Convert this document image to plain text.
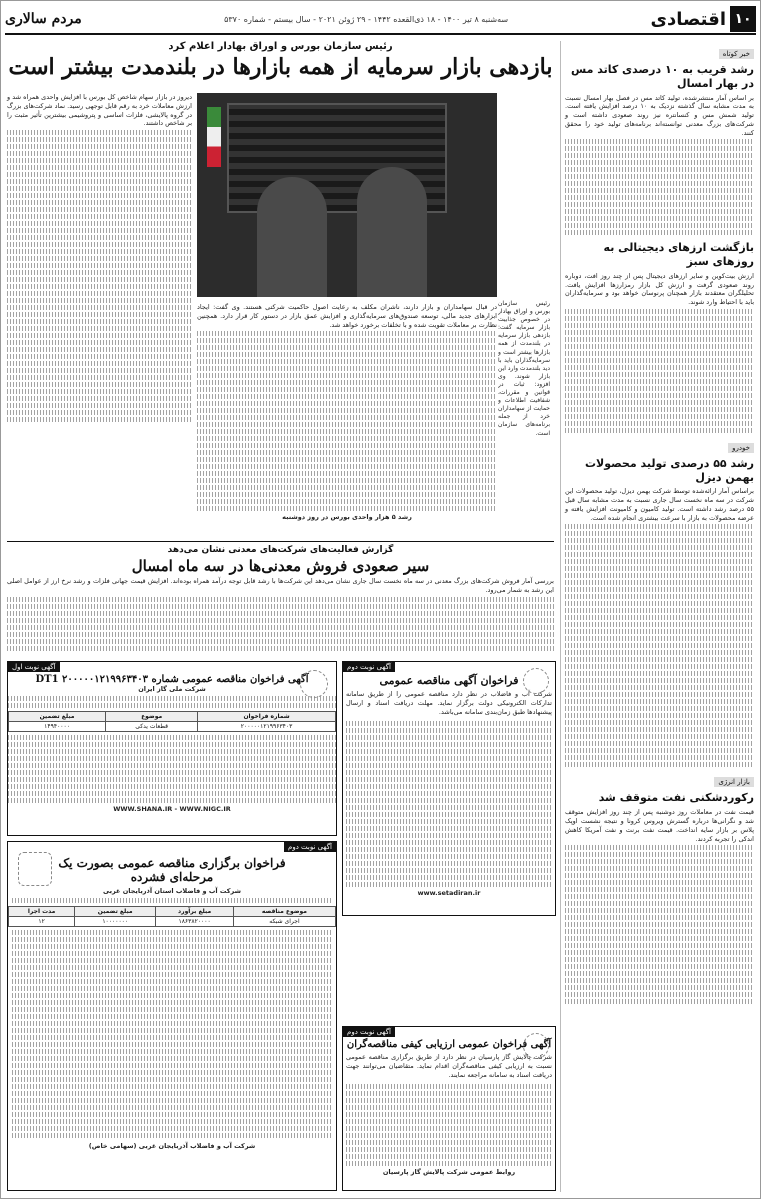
۱۰
اقتصادی
سه‌شنبه ۸ تیر ۱۴۰۰ - ۱۸ ذی‌القعده ۱۴۴۲ - ۲۹ ژوئن ۲۰۲۱ - سال بیستم - شماره ۵۳۷۰
مردم سالاری
خبر کوتاه
رشد قریب به ۱۰ درصدی کاتد مس در بهار امسال
بر اساس آمار منتشرشده، تولید کاتد مس در فصل بهار امسال نسبت به مدت مشابه سال گذشته نزدیک به ۱۰ درصد افزایش یافته است. تولید شمش مس و کنسانتره نیز روند صعودی داشته است و شرکت‌های بزرگ معدنی توانسته‌اند برنامه‌های تولید خود را محقق کنند.
بازگشت ارزهای دیجیتالی به روزهای سبز
ارزش بیت‌کوین و سایر ارزهای دیجیتال پس از چند روز افت، دوباره روند صعودی گرفت و ارزش کل بازار رمزارزها افزایش یافت. تحلیلگران معتقدند بازار همچنان پرنوسان خواهد بود و سرمایه‌گذاران باید با احتیاط وارد شوند.
خودرو
رشد ۵۵ درصدی تولید محصولات بهمن دیزل
براساس آمار ارائه‌شده توسط شرکت بهمن دیزل، تولید محصولات این شرکت در سه ماه نخست سال جاری نسبت به مدت مشابه سال قبل ۵۵ درصد رشد داشته است. تولید کامیون و کامیونت افزایش یافته و عرضه محصولات به بازار با سرعت بیشتری انجام شده است.
بازار انرژی
رکوردشکنی نفت متوقف شد
قیمت نفت در معاملات روز دوشنبه پس از چند روز افزایش متوقف شد و نگرانی‌ها درباره گسترش ویروس کرونا و نتیجه نشست اوپک پلاس بر بازار سایه انداخت. قیمت نفت برنت و نفت آمریکا کاهش اندکی را تجربه کردند.
رئیس سازمان بورس و اوراق بهادار اعلام کرد
بازدهی بازار سرمایه از همه بازارها در بلندمدت بیشتر است
دیروز در بازار سهام شاخص کل بورس با افزایش واحدی همراه شد و ارزش معاملات خرد به رقم قابل توجهی رسید. نماد شرکت‌های بزرگ در گروه پالایشی، فلزات اساسی و پتروشیمی بیشترین تأثیر مثبت را بر شاخص داشتند.
در قبال سهامداران و بازار دارند، ناشران مکلف به رعایت اصول حاکمیت شرکتی هستند. وی گفت: ایجاد ابزارهای جدید مالی، توسعه صندوق‌های سرمایه‌گذاری و افزایش عمق بازار در دستور کار قرار دارد. همچنین نظارت بر معاملات تقویت شده و با تخلفات برخورد خواهد شد.
رشد ۵ هزار واحدی بورس در روز دوشنبه
گزارش فعالیت‌های شرکت‌های معدنی نشان می‌دهد
سیر صعودی فروش معدنی‌ها در سه ماه امسال
بررسی آمار فروش شرکت‌های بزرگ معدنی در سه ماه نخست سال جاری نشان می‌دهد این شرکت‌ها با رشد قابل توجه درآمد همراه بوده‌اند. افزایش قیمت جهانی فلزات و رشد نرخ ارز از عوامل اصلی این رشد به شمار می‌رود.
آگهی نوبت اول
آگهی فراخوان مناقصه عمومی شماره ۲۰۰۰۰۰۱۲۱۹۹۶۳۴۰۳ DT1
شرکت ملی گاز ایران
شماره فراخوان	موضوع	مبلغ تضمین
۲۰۰۰۰۰۱۲۱۹۹۶۳۴۰۳	قطعات یدکی	۱۴۹۴۰۰۰۰
WWW.SHANA.IR - WWW.NIGC.IR
آگهی نوبت دوم
فراخوان آگهی مناقصه عمومی
شرکت آب و فاضلاب در نظر دارد مناقصه عمومی را از طریق سامانه تدارکات الکترونیکی دولت برگزار نماید. مهلت دریافت اسناد و ارسال پیشنهادها طبق زمان‌بندی سامانه می‌باشد.
www.setadiran.ir
آگهی نوبت دوم
فراخوان برگزاری مناقصه عمومی بصورت یک مرحله‌ای فشرده
شرکت آب و فاضلاب استان آذربایجان غربی
موضوع مناقصه	مبلغ برآورد	مبلغ تضمین	مدت اجرا
اجرای شبکه	۱۸۶۳۸۲۰۰۰۰	۱۰۰۰۰۰۰۰	۱۲
شرکت آب و فاضلاب آذربایجان غربی (سهامی خاص)
آگهی نوبت دوم
آگهی فراخوان عمومی ارزیابی کیفی مناقصه‌گران
شرکت پالایش گاز پارسیان در نظر دارد از طریق برگزاری مناقصه عمومی نسبت به ارزیابی کیفی مناقصه‌گران اقدام نماید. متقاضیان می‌توانند جهت دریافت اسناد به سامانه مراجعه نمایند.
روابط عمومی شرکت پالایش گاز پارسیان
رئیس سازمان بورس و اوراق بهادار در خصوص جذابیت بازار سرمایه گفت: بازدهی بازار سرمایه در بلندمدت از همه بازارها بیشتر است و سرمایه‌گذاران باید با دید بلندمدت وارد این بازار شوند. وی افزود: ثبات در قوانین و مقررات، شفافیت اطلاعات و حمایت از سهامداران خرد از جمله برنامه‌های سازمان است.
